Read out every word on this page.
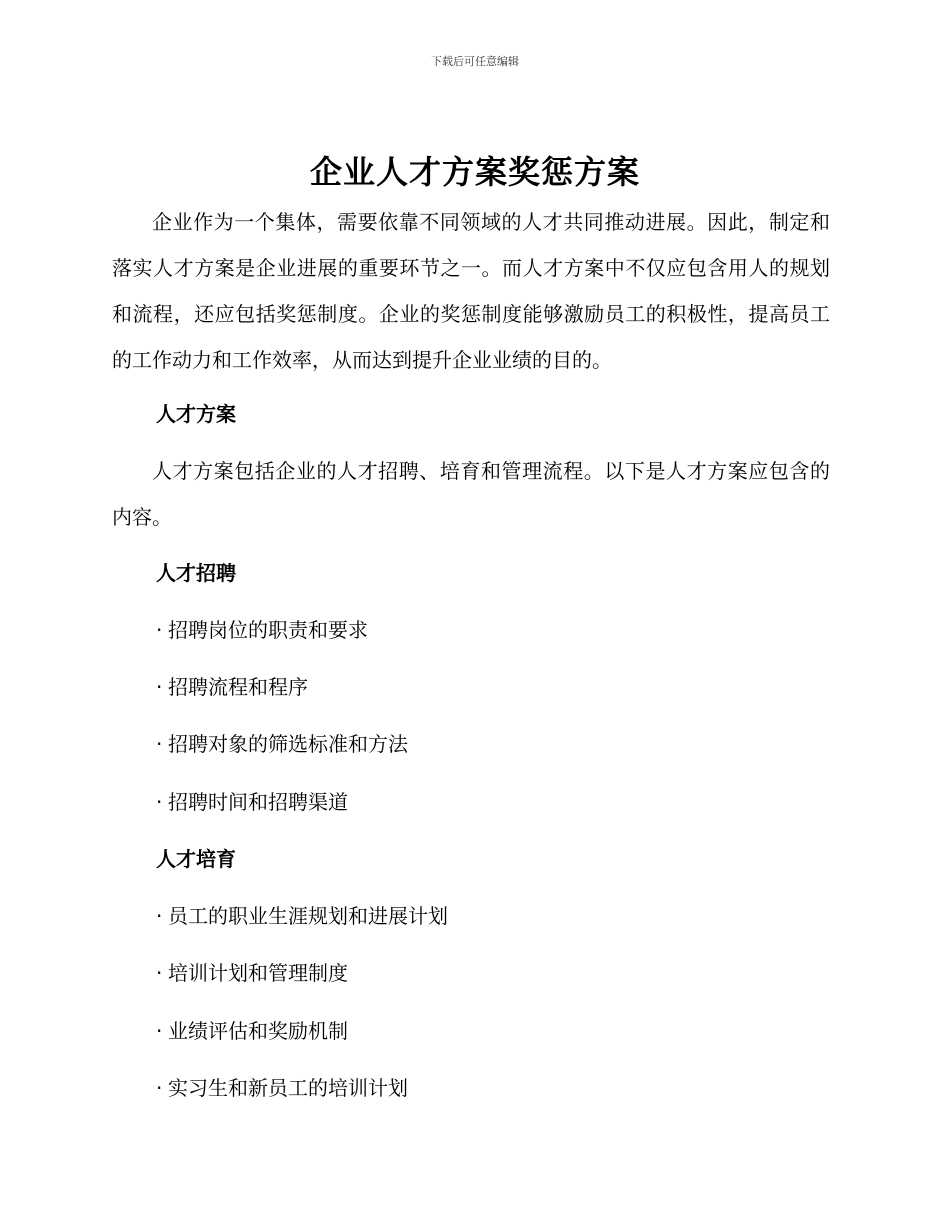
下载后可任意编辑
企业人才方案奖惩方案

企业作为一个集体，需要依靠不同领域的人才共同推动进展。因此，制定和落实人才方案是企业进展的重要环节之一。而人才方案中不仅应包含用人的规划和流程，还应包括奖惩制度。企业的奖惩制度能够激励员工的积极性，提高员工的工作动力和工作效率，从而达到提升企业业绩的目的。

人才方案

人才方案包括企业的人才招聘、培育和管理流程。以下是人才方案应包含的内容。

人才招聘

· 招聘岗位的职责和要求

· 招聘流程和程序

· 招聘对象的筛选标准和方法

· 招聘时间和招聘渠道

人才培育

· 员工的职业生涯规划和进展计划

· 培训计划和管理制度

· 业绩评估和奖励机制

· 实习生和新员工的培训计划
